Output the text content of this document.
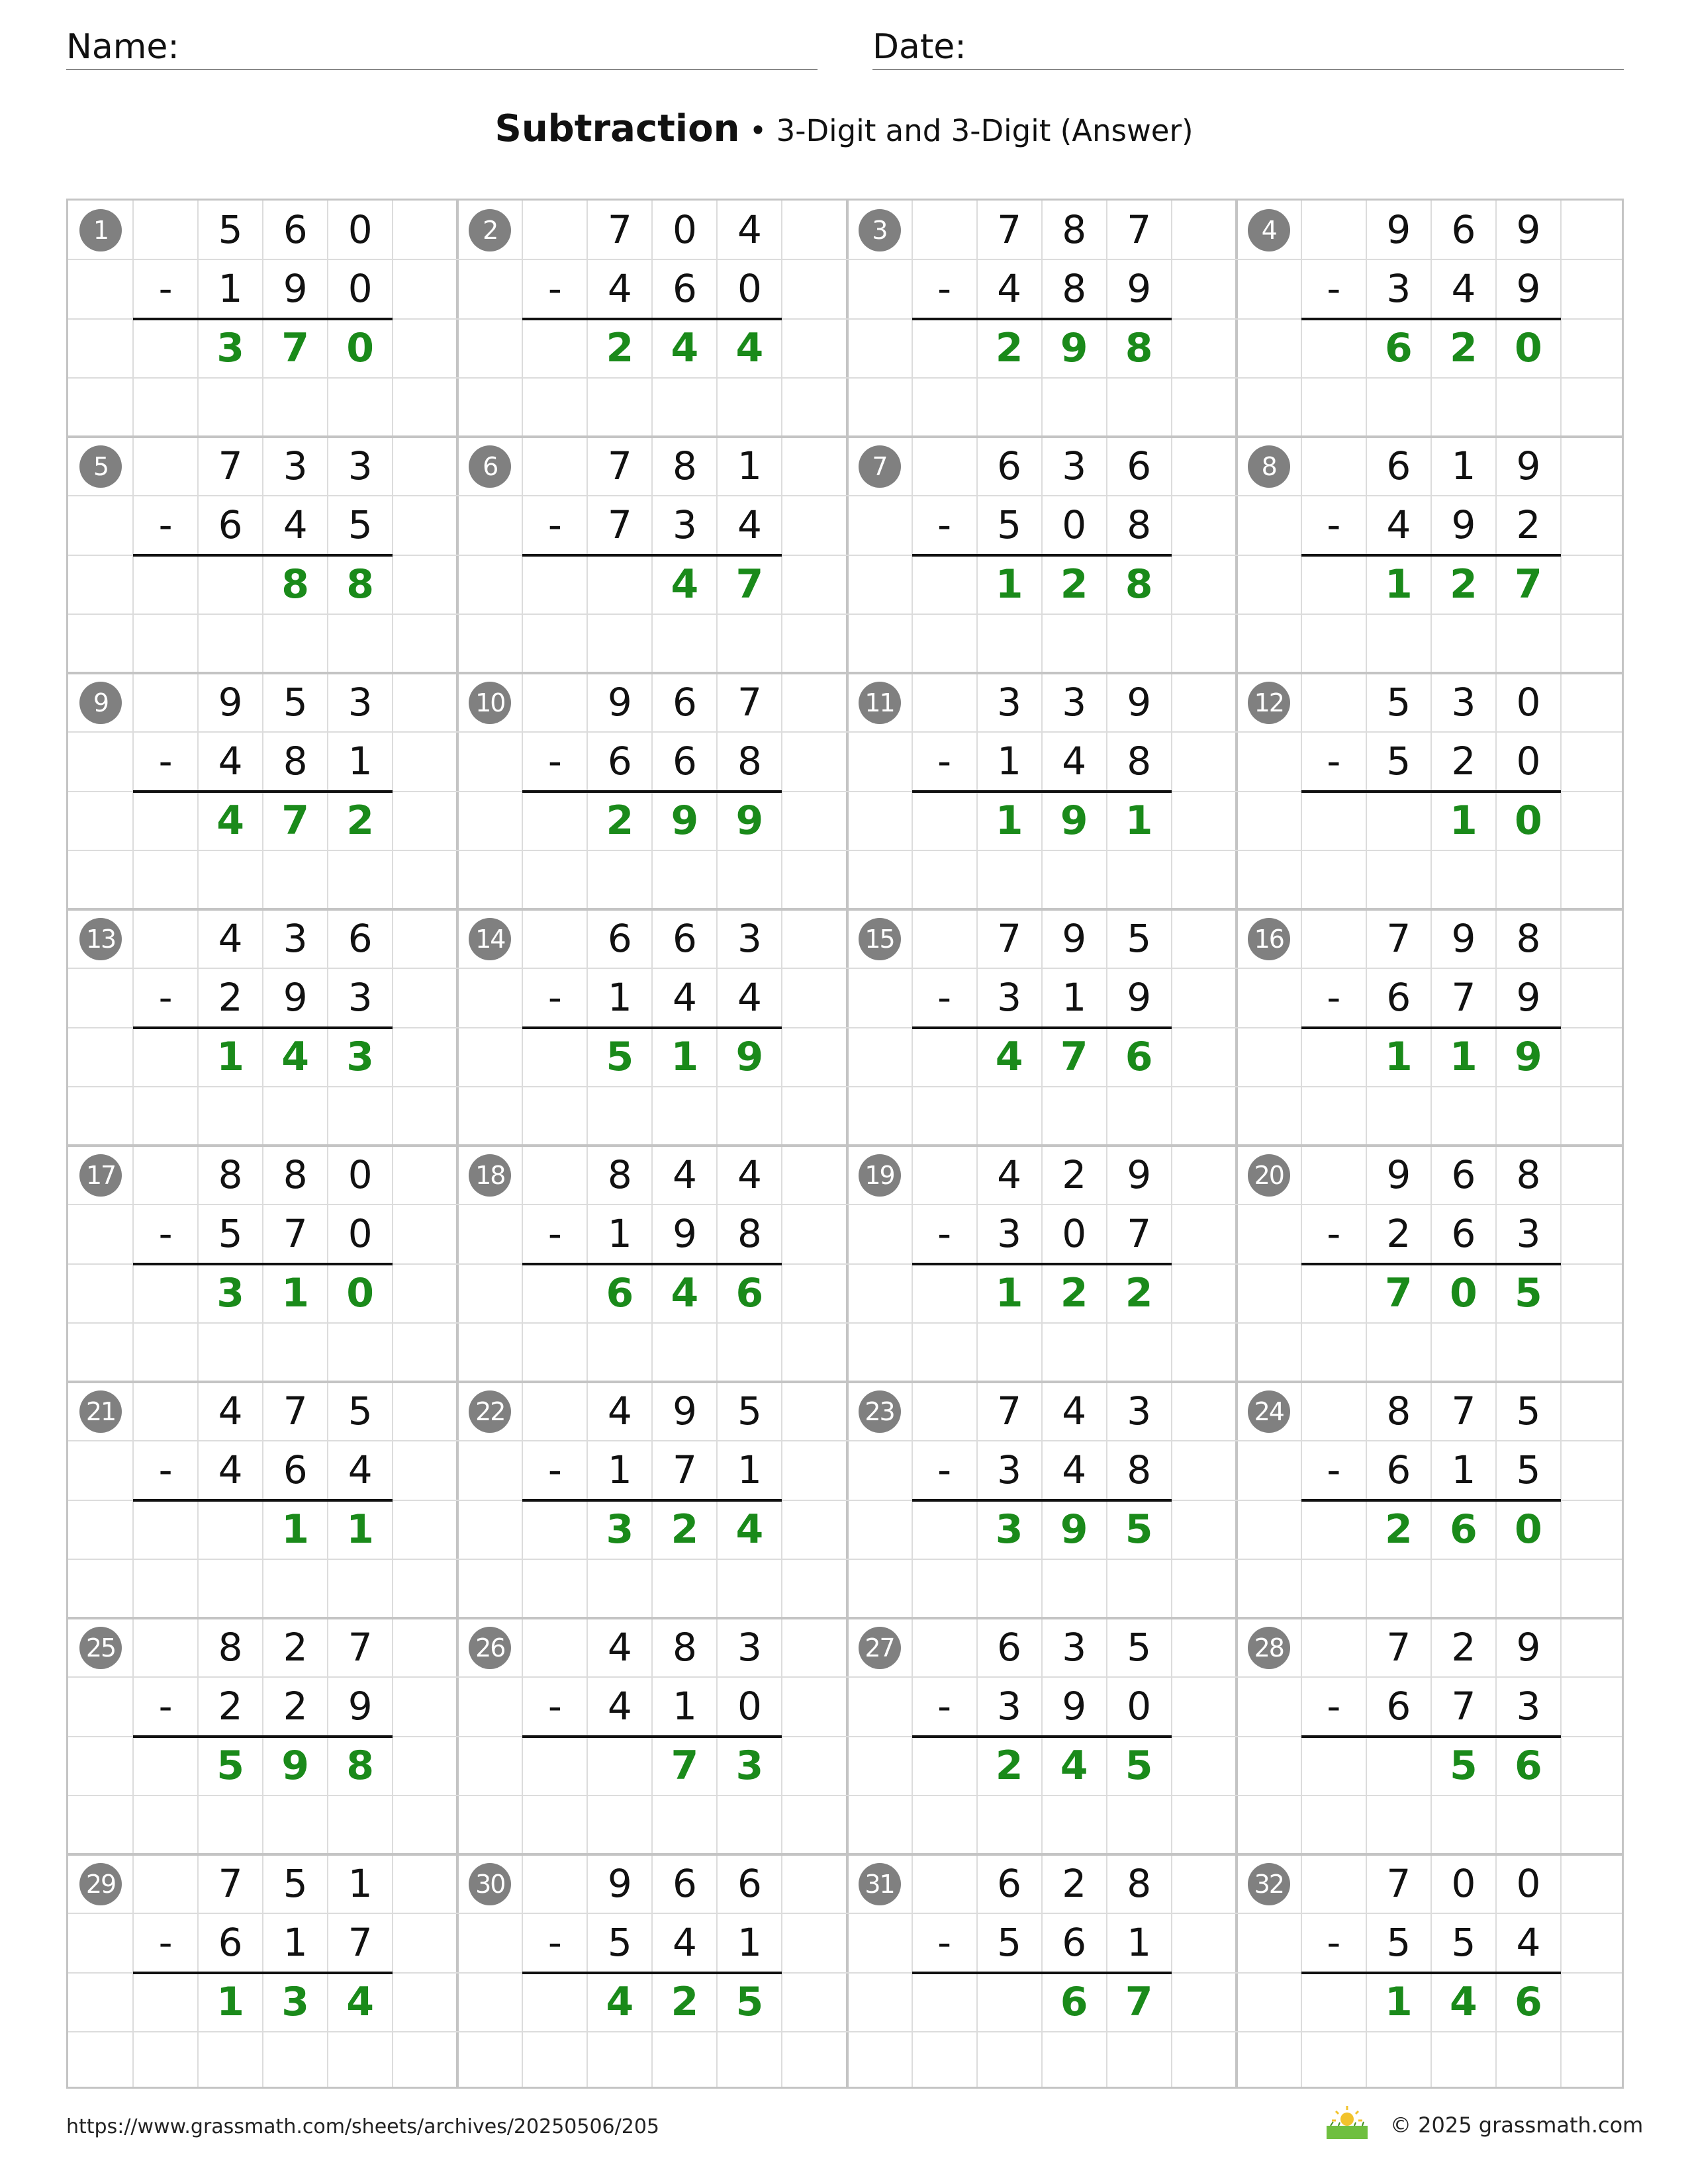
Name:	Date:
Subtraction • 3-Digit and 3-Digit (Answer)
1	5	6	0
-	1	9	0
3 7 0
2	7	0	4
-	4	6	0
2 4 4
3	7	8	7
-	4	8	9
2 9 8
4	9	6	9
-	3	4	9
6 2 0
5	7	3	3
-	6	4	5
8 8
6	7	8	1
-	7	3	4
4 7
7	6	3	6
-	5	0	8
1 2 8
8	6	1	9
-	4	9	2
1 2 7
9	9	5	3
-	4	8	1
4 7 2
10	9	6	7
-	6	6	8
2 9 9
11	3	3	9
-	1	4	8
1 9 1
12	5	3	0
-	5	2	0
1 0
13	4	3	6
-	2	9	3
1 4 3
14	6	6	3
-	1	4	4
5 1 9
15	7	9	5
-	3	1	9
4 7 6
16	7	9	8
-	6	7	9
1 1 9
17	8	8	0
-	5	7	0
3 1 0
18	8	4	4
-	1	9	8
6 4 6
19	4	2	9
-	3	0	7
1 2 2
20	9	6	8
-	2	6	3
7 0 5
21	4	7	5
-	4	6	4
1 1
22	4	9	5
-	1	7	1
3 2 4
23	7	4	3
-	3	4	8
3 9 5
24	8	7	5
-	6	1	5
2 6 0
25	8	2	7
-	2	2	9
5 9 8
26	4	8	3
-	4	1	0
7 3
27	6	3	5
-	3	9	0
2 4 5
28	7	2	9
-	6	7	3
5 6
29	7	5	1
-	6	1	7
1 3 4
30	9	6	6
-	5	4	1
4 2 5
31	6	2	8
-	5	6	1
6 7
32	7	0	0
-	5	5	4
1 4 6
https://www.grassmath.com/sheets/archives/20250506/205	© 2025 grassmath.com
